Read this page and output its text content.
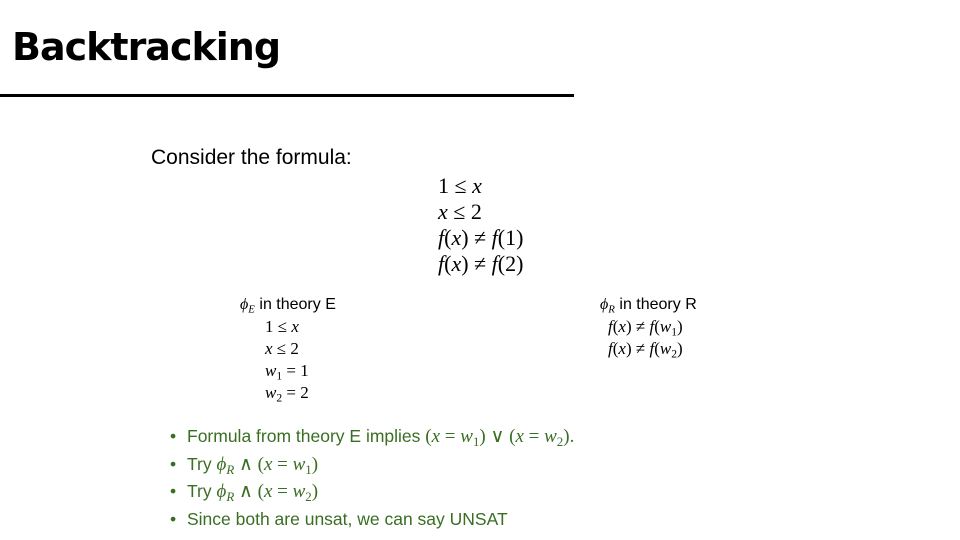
Backtracking
Consider the formula:
1 ≤ x
x ≤ 2
f(x) ≠ f(1)
f(x) ≠ f(2)
$\phi_E$ in theory E
1 ≤ x
x ≤ 2
$w_1 = 1$
$w_2 = 2$
$\phi_R$ in theory R
$f(x) \ne f(w_1)$
$f(x) \ne f(w_2)$
• Formula from theory E implies $(x = w_1)$ ∨ $(x = w_2)$.
• Try $\phi_R$ ∧ $(x = w_1)$
• Try $\phi_R$ ∧ $(x = w_2)$
• Since both are unsat, we can say UNSAT
